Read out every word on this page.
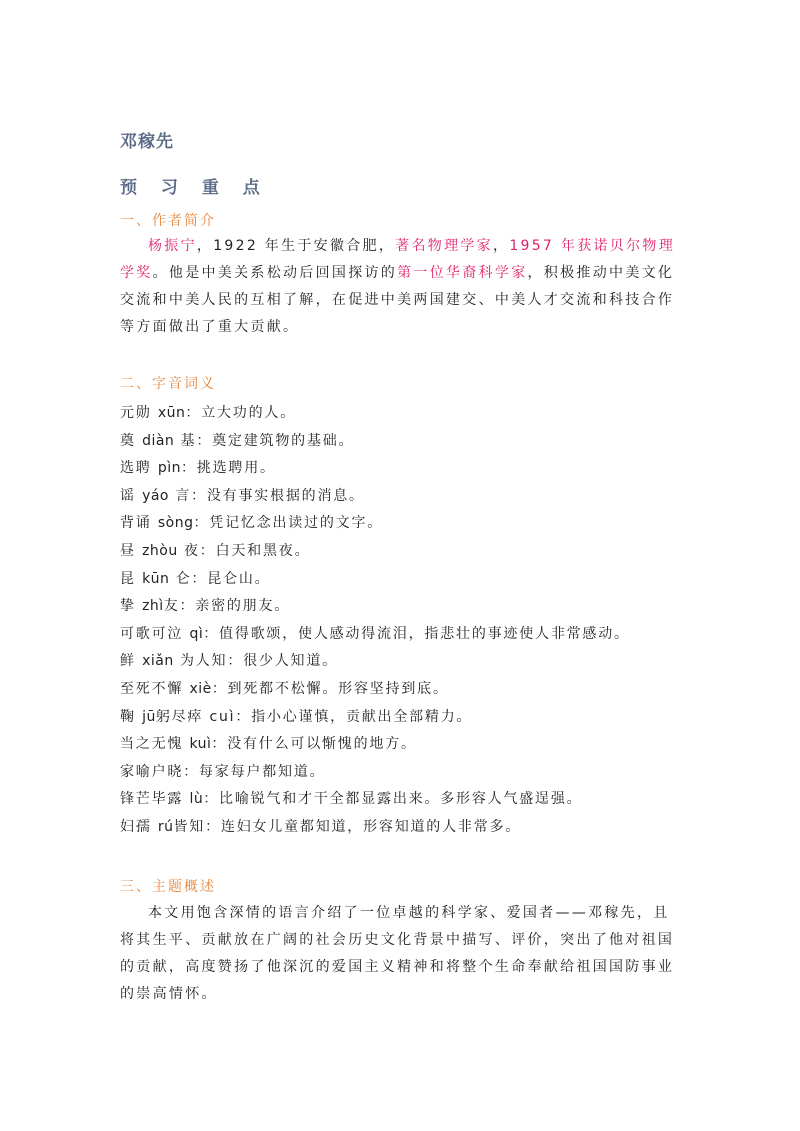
邓稼先
预 习 重 点
一、作者简介
杨振宁，1922 年生于安徽合肥，著名物理学家，1957 年获诺贝尔物理学奖。他是中美关系松动后回国探访的第一位华裔科学家，积极推动中美文化交流和中美人民的互相了解，在促进中美两国建交、中美人才交流和科技合作等方面做出了重大贡献。
二、字音词义
元勋 xūn：立大功的人。
奠 diàn 基：奠定建筑物的基础。
选聘 pìn：挑选聘用。
谣 yáo 言：没有事实根据的消息。
背诵 sòng：凭记忆念出读过的文字。
昼 zhòu 夜：白天和黑夜。
昆 kūn 仑：昆仑山。
挚 zhì友：亲密的朋友。
可歌可泣 qì：值得歌颂，使人感动得流泪，指悲壮的事迹使人非常感动。
鲜 xiǎn 为人知：很少人知道。
至死不懈 xiè：到死都不松懈。形容坚持到底。
鞠 jū躬尽瘁 cuì：指小心谨慎，贡献出全部精力。
当之无愧 kuì：没有什么可以惭愧的地方。
家喻户晓：每家每户都知道。
锋芒毕露 lù：比喻锐气和才干全都显露出来。多形容人气盛逞强。
妇孺 rú皆知：连妇女儿童都知道，形容知道的人非常多。
三、主题概述
本文用饱含深情的语言介绍了一位卓越的科学家、爱国者——邓稼先，且将其生平、贡献放在广阔的社会历史文化背景中描写、评价，突出了他对祖国的贡献，高度赞扬了他深沉的爱国主义精神和将整个生命奉献给祖国国防事业的崇高情怀。
